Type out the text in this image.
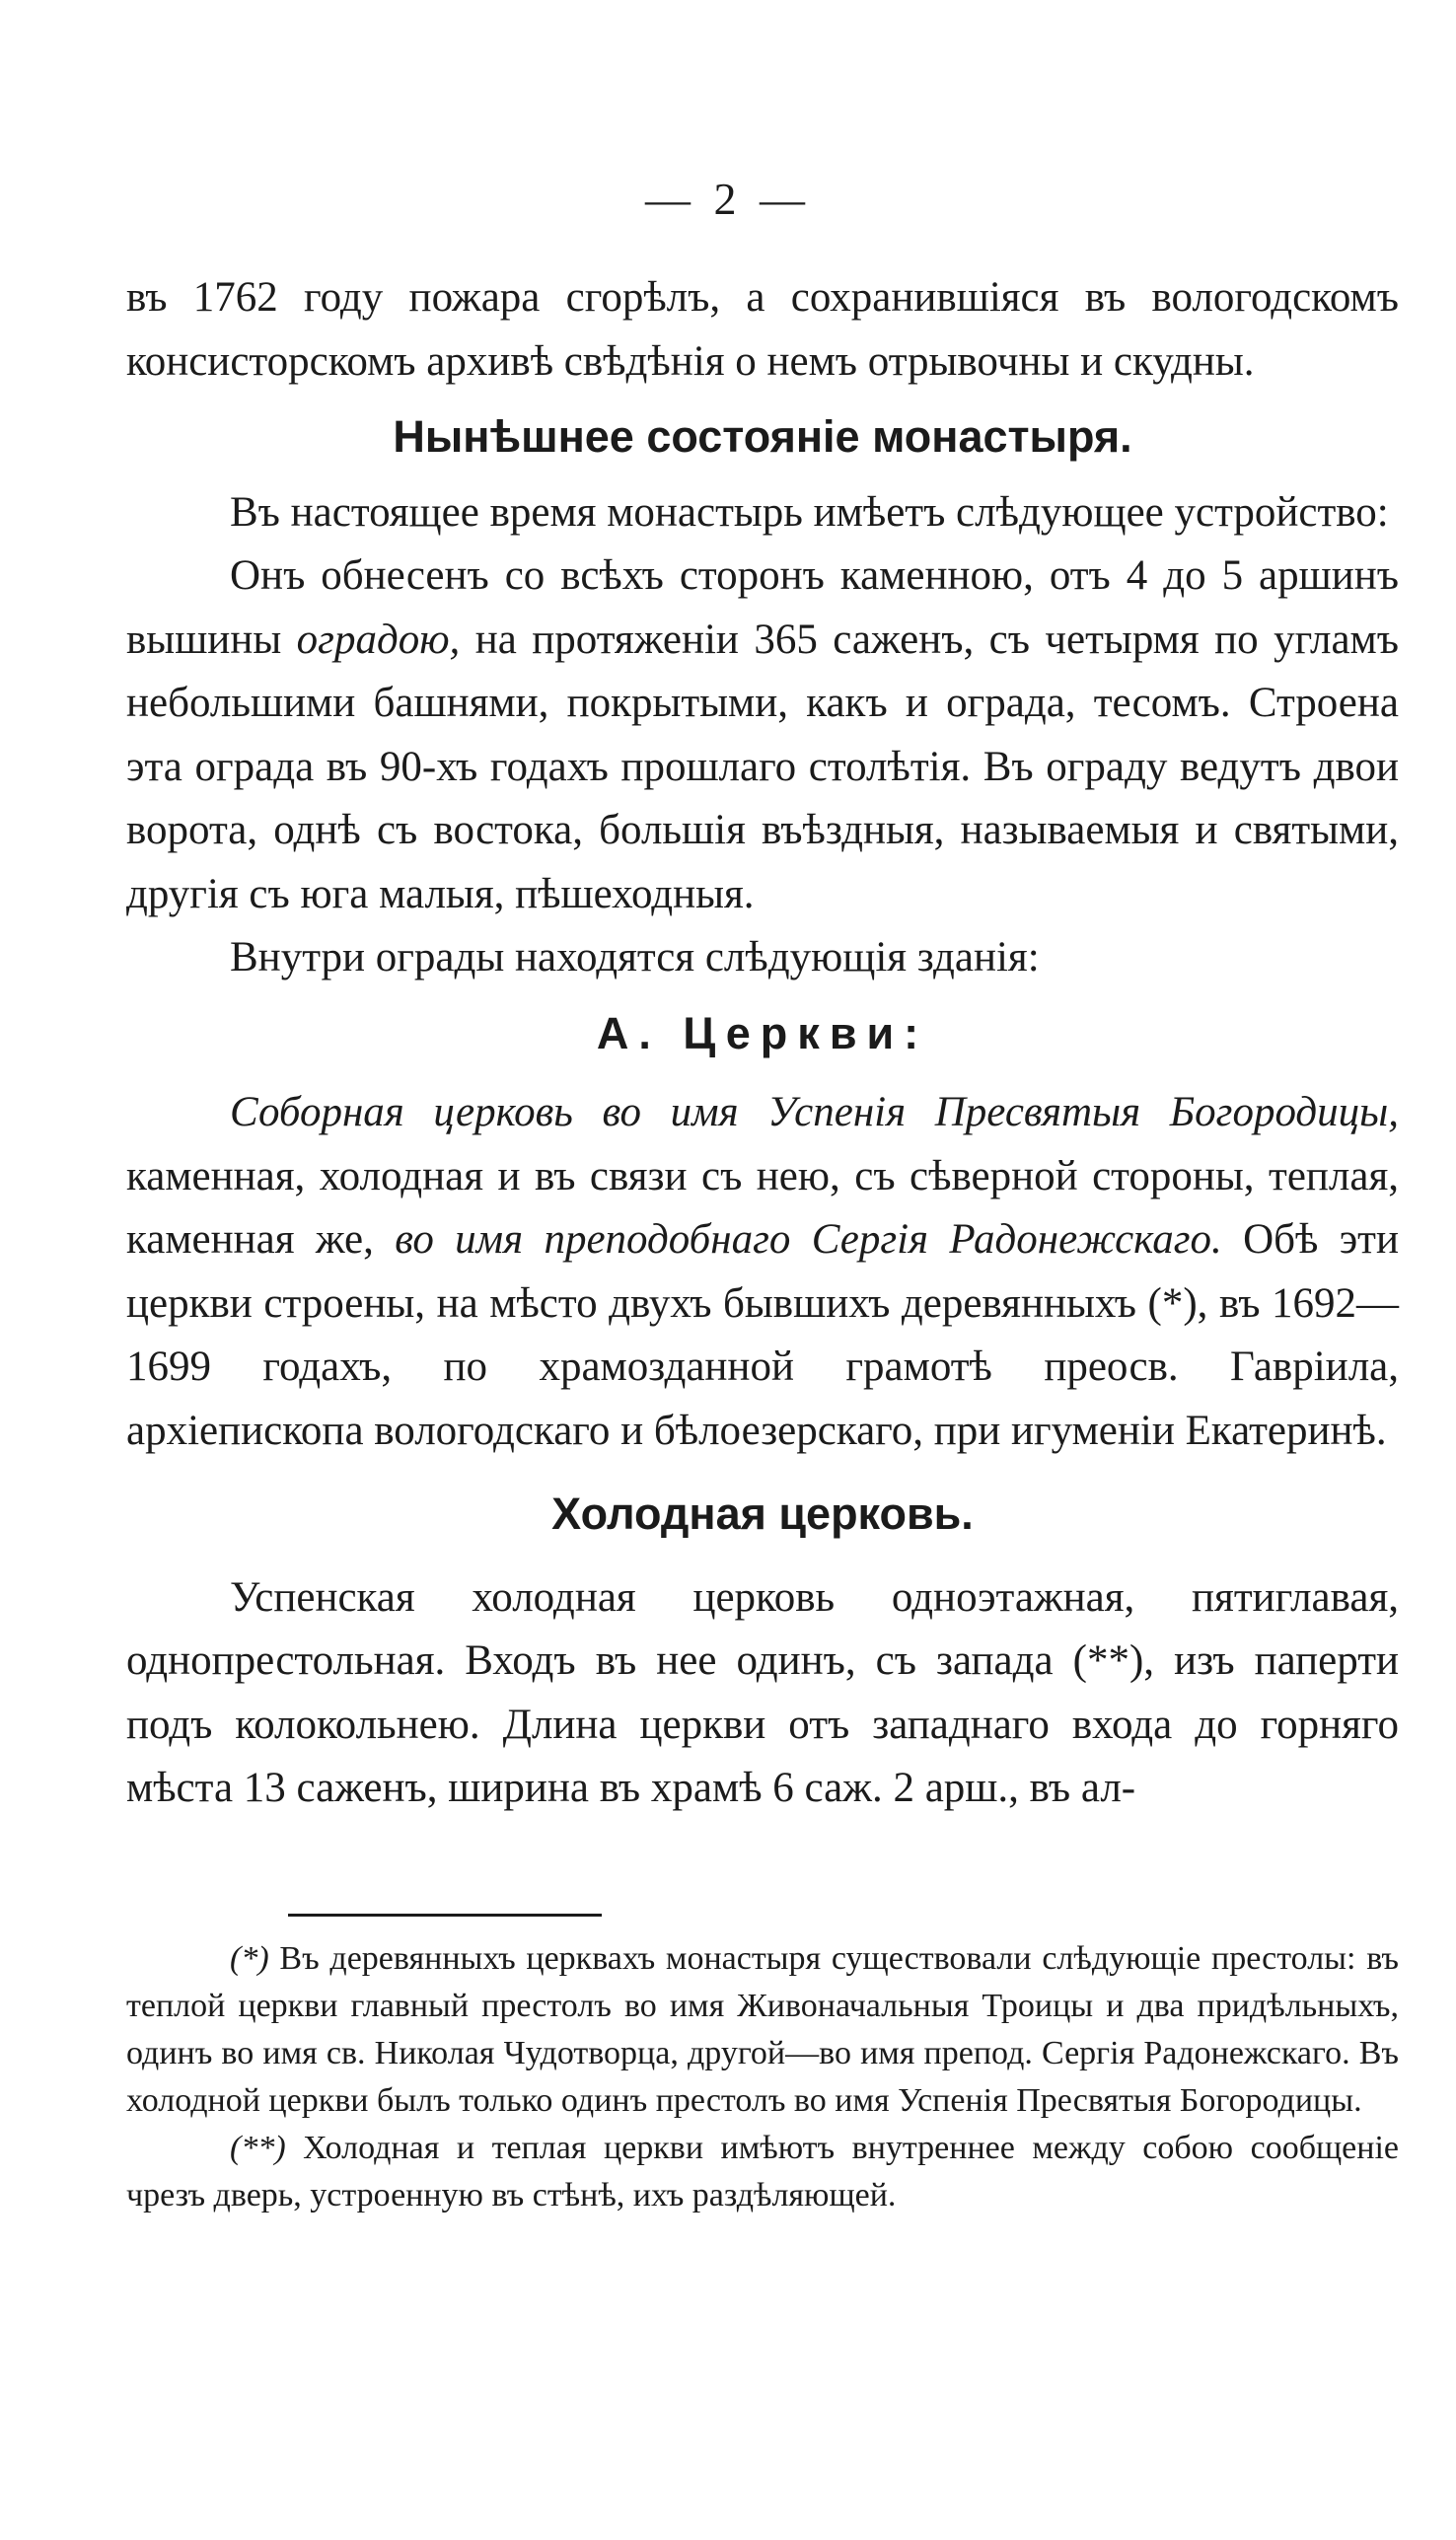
— 2 —

въ 1762 году пожара сгорѣлъ, а сохранившіяся въ вологодскомъ консисторскомъ архивѣ свѣдѣнія о немъ отрывочны и скудны.

Нынѣшнее состояніе монастыря.

Въ настоящее время монастырь имѣетъ слѣдующее устройство:

Онъ обнесенъ со всѣхъ сторонъ каменною, отъ 4 до 5 аршинъ вышины оградою, на протяженіи 365 саженъ, съ четырмя по угламъ небольшими башнями, покрытыми, какъ и ограда, тесомъ. Строена эта ограда въ 90-хъ годахъ прошлаго столѣтія. Въ ограду ведутъ двои ворота, однѣ съ востока, большія въѣздныя, называемыя и святыми, другія съ юга малыя, пѣшеходныя.

Внутри ограды находятся слѣдующія зданія:

А. Церкви:

Соборная церковь во имя Успенія Пресвятыя Богородицы, каменная, холодная и въ связи съ нею, съ сѣверной стороны, теплая, каменная же, во имя преподобнаго Сергія Радонежскаго. Обѣ эти церкви строены, на мѣсто двухъ бывшихъ деревянныхъ (*), въ 1692—1699 годахъ, по храмозданной грамотѣ преосв. Гавріила, архіепископа вологодскаго и бѣлоезерскаго, при игуменіи Екатеринѣ.

Холодная церковь.

Успенская холодная церковь одноэтажная, пятиглавая, однопрестольная. Входъ въ нее одинъ, съ запада (**), изъ паперти подъ колокольнею. Длина церкви отъ западнаго входа до горняго мѣста 13 саженъ, ширина въ храмѣ 6 саж. 2 арш., въ ал-

(*) Въ деревянныхъ церквахъ монастыря существовали слѣдующіе престолы: въ теплой церкви главный престолъ во имя Живоначальныя Троицы и два придѣльныхъ, одинъ во имя св. Николая Чудотворца, другой—во имя препод. Сергія Радонежскаго. Въ холодной церкви былъ только одинъ престолъ во имя Успенія Пресвятыя Богородицы.

(**) Холодная и теплая церкви имѣютъ внутреннее между собою сообщеніе чрезъ дверь, устроенную въ стѣнѣ, ихъ раздѣляющей.
